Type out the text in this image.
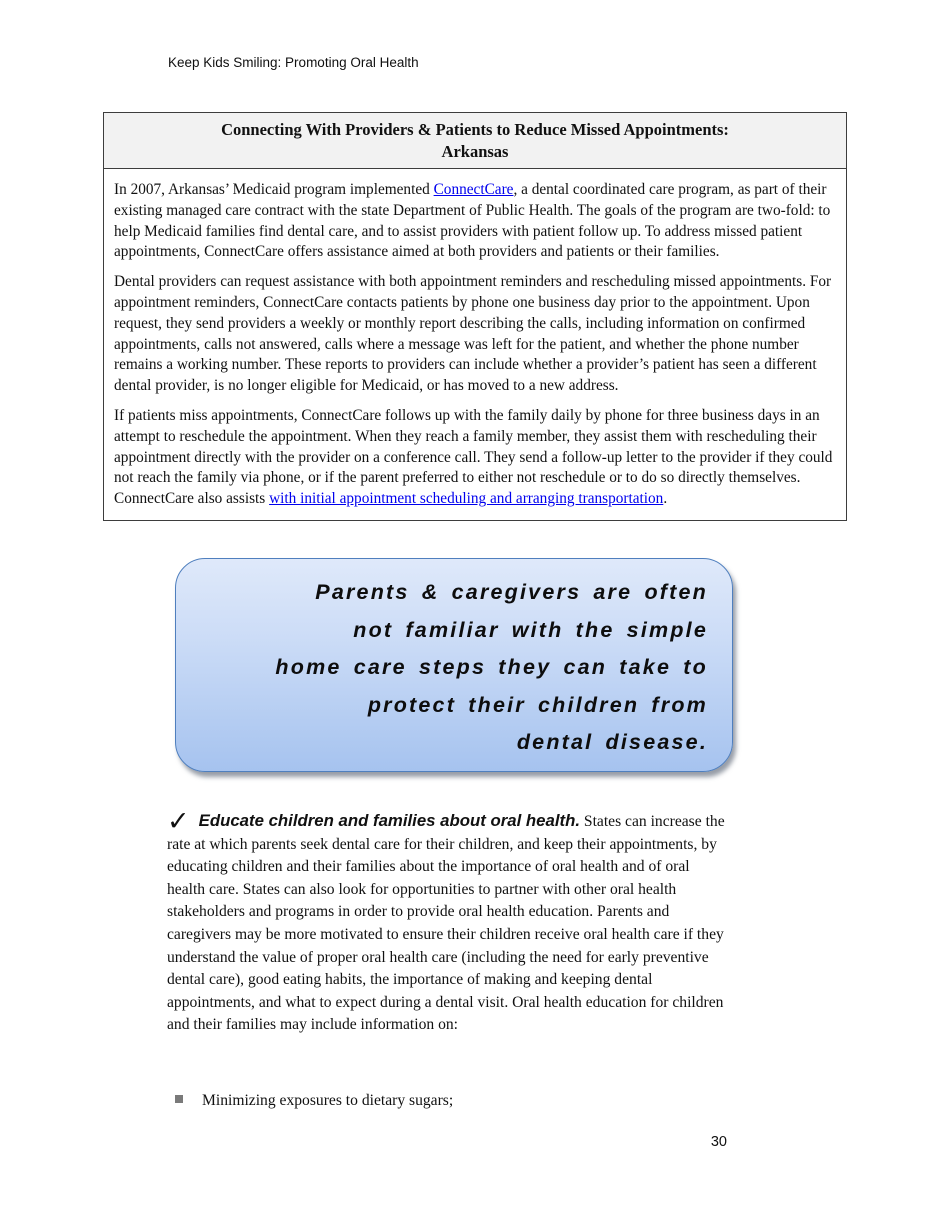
Keep Kids Smiling: Promoting Oral Health
Connecting With Providers & Patients to Reduce Missed Appointments:
Arkansas

In 2007, Arkansas’ Medicaid program implemented ConnectCare, a dental coordinated care program, as part of their existing managed care contract with the state Department of Public Health. The goals of the program are two-fold: to help Medicaid families find dental care, and to assist providers with patient follow up. To address missed patient appointments, ConnectCare offers assistance aimed at both providers and patients or their families.

Dental providers can request assistance with both appointment reminders and rescheduling missed appointments. For appointment reminders, ConnectCare contacts patients by phone one business day prior to the appointment. Upon request, they send providers a weekly or monthly report describing the calls, including information on confirmed appointments, calls not answered, calls where a message was left for the patient, and whether the phone number remains a working number. These reports to providers can include whether a provider’s patient has seen a different dental provider, is no longer eligible for Medicaid, or has moved to a new address.

If patients miss appointments, ConnectCare follows up with the family daily by phone for three business days in an attempt to reschedule the appointment. When they reach a family member, they assist them with rescheduling their appointment directly with the provider on a conference call. They send a follow-up letter to the provider if they could not reach the family via phone, or if the parent preferred to either not reschedule or to do so directly themselves. ConnectCare also assists with initial appointment scheduling and arranging transportation.

Parents & caregivers are often
not familiar with the simple
home care steps they can take to
protect their children from
dental disease.
✓ Educate children and families about oral health. States can increase the rate at which parents seek dental care for their children, and keep their appointments, by educating children and their families about the importance of oral health and of oral health care. States can also look for opportunities to partner with other oral health stakeholders and programs in order to provide oral health education. Parents and caregivers may be more motivated to ensure their children receive oral health care if they understand the value of proper oral health care (including the need for early preventive dental care), good eating habits, the importance of making and keeping dental appointments, and what to expect during a dental visit. Oral health education for children and their families may include information on:
Minimizing exposures to dietary sugars;
30
